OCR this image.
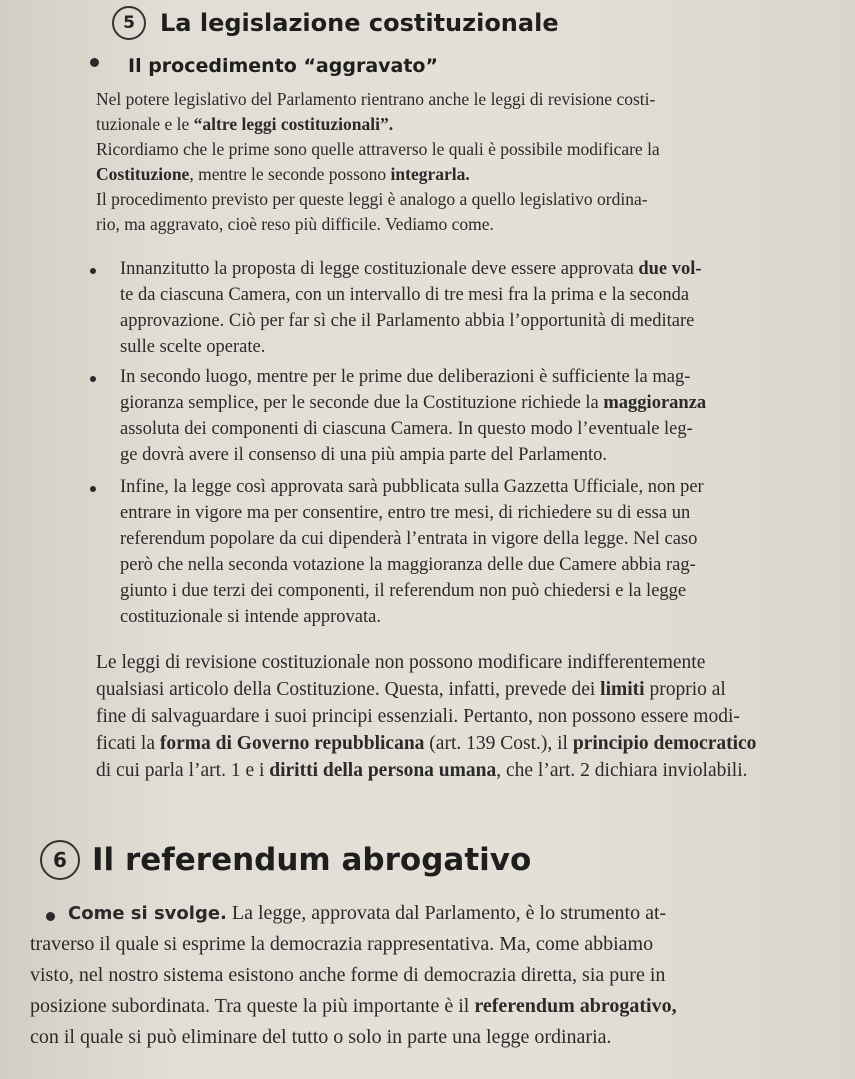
5	La legislazione costituzionale
Il procedimento “aggravato”
Nel potere legislativo del Parlamento rientrano anche le leggi di revisione costi-
tuzionale e le “altre leggi costituzionali”.
Ricordiamo che le prime sono quelle attraverso le quali è possibile modificare la
Costituzione, mentre le seconde possono integrarla.
Il procedimento previsto per queste leggi è analogo a quello legislativo ordina-
rio, ma aggravato, cioè reso più difficile. Vediamo come.
Innanzitutto la proposta di legge costituzionale deve essere approvata due vol-
te da ciascuna Camera, con un intervallo di tre mesi fra la prima e la seconda
approvazione. Ciò per far sì che il Parlamento abbia l’opportunità di meditare
sulle scelte operate.
In secondo luogo, mentre per le prime due deliberazioni è sufficiente la mag-
gioranza semplice, per le seconde due la Costituzione richiede la maggioranza
assoluta dei componenti di ciascuna Camera. In questo modo l’eventuale leg-
ge dovrà avere il consenso di una più ampia parte del Parlamento.
Infine, la legge così approvata sarà pubblicata sulla Gazzetta Ufficiale, non per
entrare in vigore ma per consentire, entro tre mesi, di richiedere su di essa un
referendum popolare da cui dipenderà l’entrata in vigore della legge. Nel caso
però che nella seconda votazione la maggioranza delle due Camere abbia rag-
giunto i due terzi dei componenti, il referendum non può chiedersi e la legge
costituzionale si intende approvata.
Le leggi di revisione costituzionale non possono modificare indifferentemente
qualsiasi articolo della Costituzione. Questa, infatti, prevede dei limiti proprio al
fine di salvaguardare i suoi principi essenziali. Pertanto, non possono essere modi-
ficati la forma di Governo repubblicana (art. 139 Cost.), il principio democratico
di cui parla l’art. 1 e i diritti della persona umana, che l’art. 2 dichiara inviolabili.
6 Il referendum abrogativo
Come si svolge. La legge, approvata dal Parlamento, è lo strumento at-
traverso il quale si esprime la democrazia rappresentativa. Ma, come abbiamo
visto, nel nostro sistema esistono anche forme di democrazia diretta, sia pure in
posizione subordinata. Tra queste la più importante è il referendum abrogativo,
con il quale si può eliminare del tutto o solo in parte una legge ordinaria.
